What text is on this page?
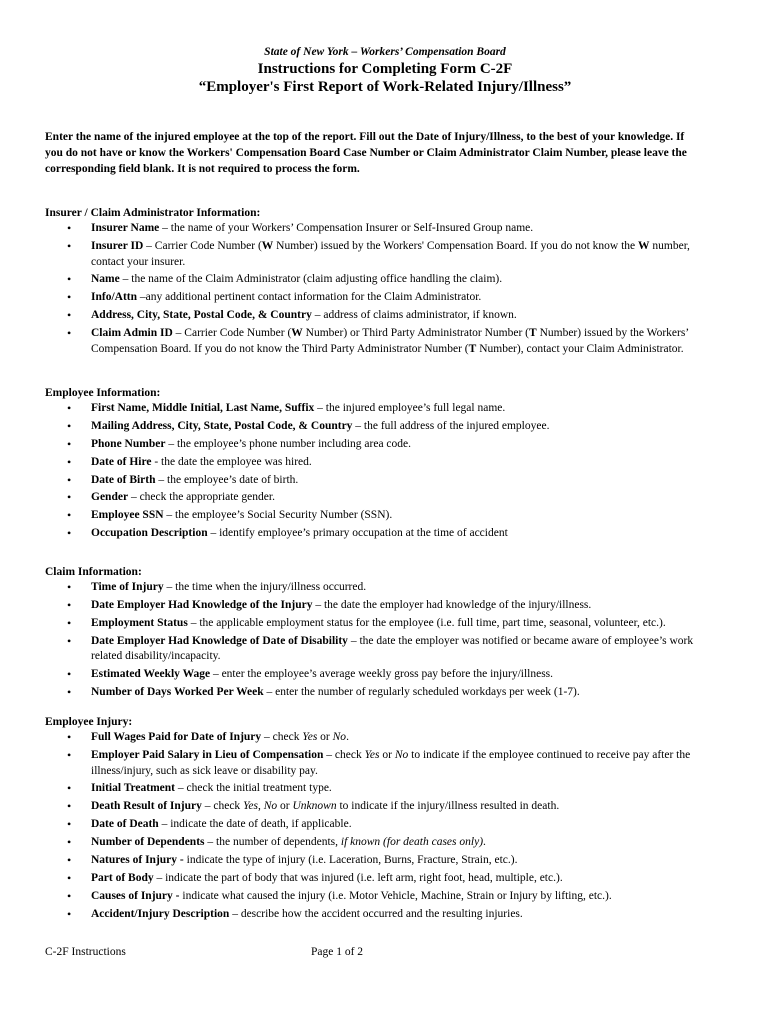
State of New York – Workers’ Compensation Board
Instructions for Completing Form C-2F
“Employer's First Report of Work-Related Injury/Illness”
Enter the name of the injured employee at the top of the report. Fill out the Date of Injury/Illness, to the best of your knowledge. If you do not have or know the Workers' Compensation Board Case Number or Claim Administrator Claim Number, please leave the corresponding field blank. It is not required to process the form.
Insurer / Claim Administrator Information:
• Insurer Name – the name of your Workers’ Compensation Insurer or Self-Insured Group name.
• Insurer ID – Carrier Code Number (W Number) issued by the Workers' Compensation Board. If you do not know the W number, contact your insurer.
• Name – the name of the Claim Administrator (claim adjusting office handling the claim).
• Info/Attn –any additional pertinent contact information for the Claim Administrator.
• Address, City, State, Postal Code, & Country – address of claims administrator, if known.
• Claim Admin ID – Carrier Code Number (W Number) or Third Party Administrator Number (T Number) issued by the Workers’ Compensation Board. If you do not know the Third Party Administrator Number (T Number), contact your Claim Administrator.
Employee Information:
• First Name, Middle Initial, Last Name, Suffix – the injured employee’s full legal name.
• Mailing Address, City, State, Postal Code, & Country – the full address of the injured employee.
• Phone Number – the employee’s phone number including area code.
• Date of Hire - the date the employee was hired.
• Date of Birth – the employee’s date of birth.
• Gender – check the appropriate gender.
• Employee SSN – the employee’s Social Security Number (SSN).
• Occupation Description – identify employee’s primary occupation at the time of accident
Claim Information:
• Time of Injury – the time when the injury/illness occurred.
• Date Employer Had Knowledge of the Injury – the date the employer had knowledge of the injury/illness.
• Employment Status – the applicable employment status for the employee (i.e. full time, part time, seasonal, volunteer, etc.).
• Date Employer Had Knowledge of Date of Disability – the date the employer was notified or became aware of employee’s work related disability/incapacity.
• Estimated Weekly Wage – enter the employee’s average weekly gross pay before the injury/illness.
• Number of Days Worked Per Week – enter the number of regularly scheduled workdays per week (1-7).
Employee Injury:
• Full Wages Paid for Date of Injury – check Yes or No.
• Employer Paid Salary in Lieu of Compensation – check Yes or No to indicate if the employee continued to receive pay after the illness/injury, such as sick leave or disability pay.
• Initial Treatment – check the initial treatment type.
• Death Result of Injury – check Yes, No or Unknown to indicate if the injury/illness resulted in death.
• Date of Death – indicate the date of death, if applicable.
• Number of Dependents – the number of dependents, if known (for death cases only).
• Natures of Injury - indicate the type of injury (i.e. Laceration, Burns, Fracture, Strain, etc.).
• Part of Body – indicate the part of body that was injured (i.e. left arm, right foot, head, multiple, etc.).
• Causes of Injury - indicate what caused the injury (i.e. Motor Vehicle, Machine, Strain or Injury by lifting, etc.).
• Accident/Injury Description – describe how the accident occurred and the resulting injuries.
C-2F Instructions	Page 1 of 2
